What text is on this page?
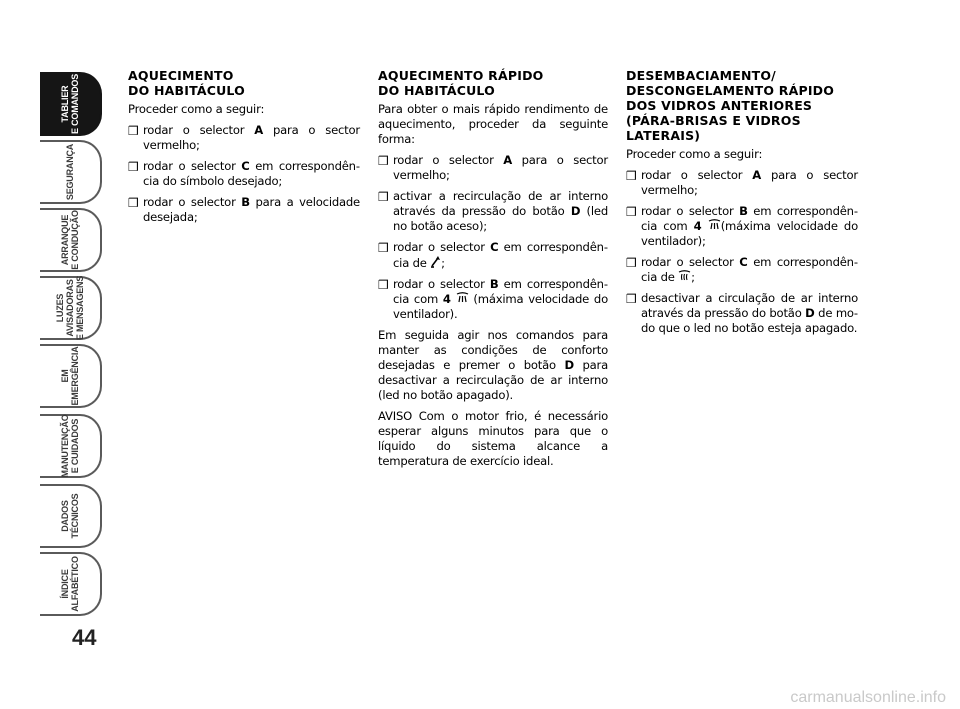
TABLIER E COMANDOS
SEGURANÇA
ARRANQUE E CONDUÇÃO
LUZES AVISADORAS E MENSAGENS
EM EMERGÊNCIA
MANUTENÇÃO E CUIDADOS
DADOS TÉCNICOS
ÍNDICE ALFABÉTICO
44
AQUECIMENTO
DO HABITÁCULO

Proceder como a seguir:

❒ rodar o selector A para o sector vermelho;
❒ rodar o selector C em correspondência do símbolo desejado;
❒ rodar o selector B para a velocidade desejada;
AQUECIMENTO RÁPIDO
DO HABITÁCULO

Para obter o mais rápido rendimento de aquecimento, proceder da seguinte forma:

❒ rodar o selector A para o sector vermelho;
❒ activar a recirculação de ar interno através da pressão do botão D (led no botão aceso);
❒ rodar o selector C em correspondência de ;
❒ rodar o selector B em correspondência com 4  (máxima velocidade do ventilador).

Em seguida agir nos comandos para manter as condições de conforto desejadas e premer o botão D para desactivar a recirculação de ar interno (led no botão apagado).

AVISO Com o motor frio, é necessário esperar alguns minutos para que o líquido do sistema alcance a temperatura de exercício ideal.

DESEMBACIAMENTO/
DESCONGELAMENTO RÁPIDO
DOS VIDROS ANTERIORES
(PÁRA-BRISAS E VIDROS
LATERAIS)

Proceder como a seguir:

❒ rodar o selector A para o sector vermelho;
❒ rodar o selector B em correspondência com 4 (máxima velocidade do ventilador);
❒ rodar o selector C em correspondência de ;
❒ desactivar a circulação de ar interno através da pressão do botão D de modo que o led no botão esteja apagado.
carmanualsonline.info
